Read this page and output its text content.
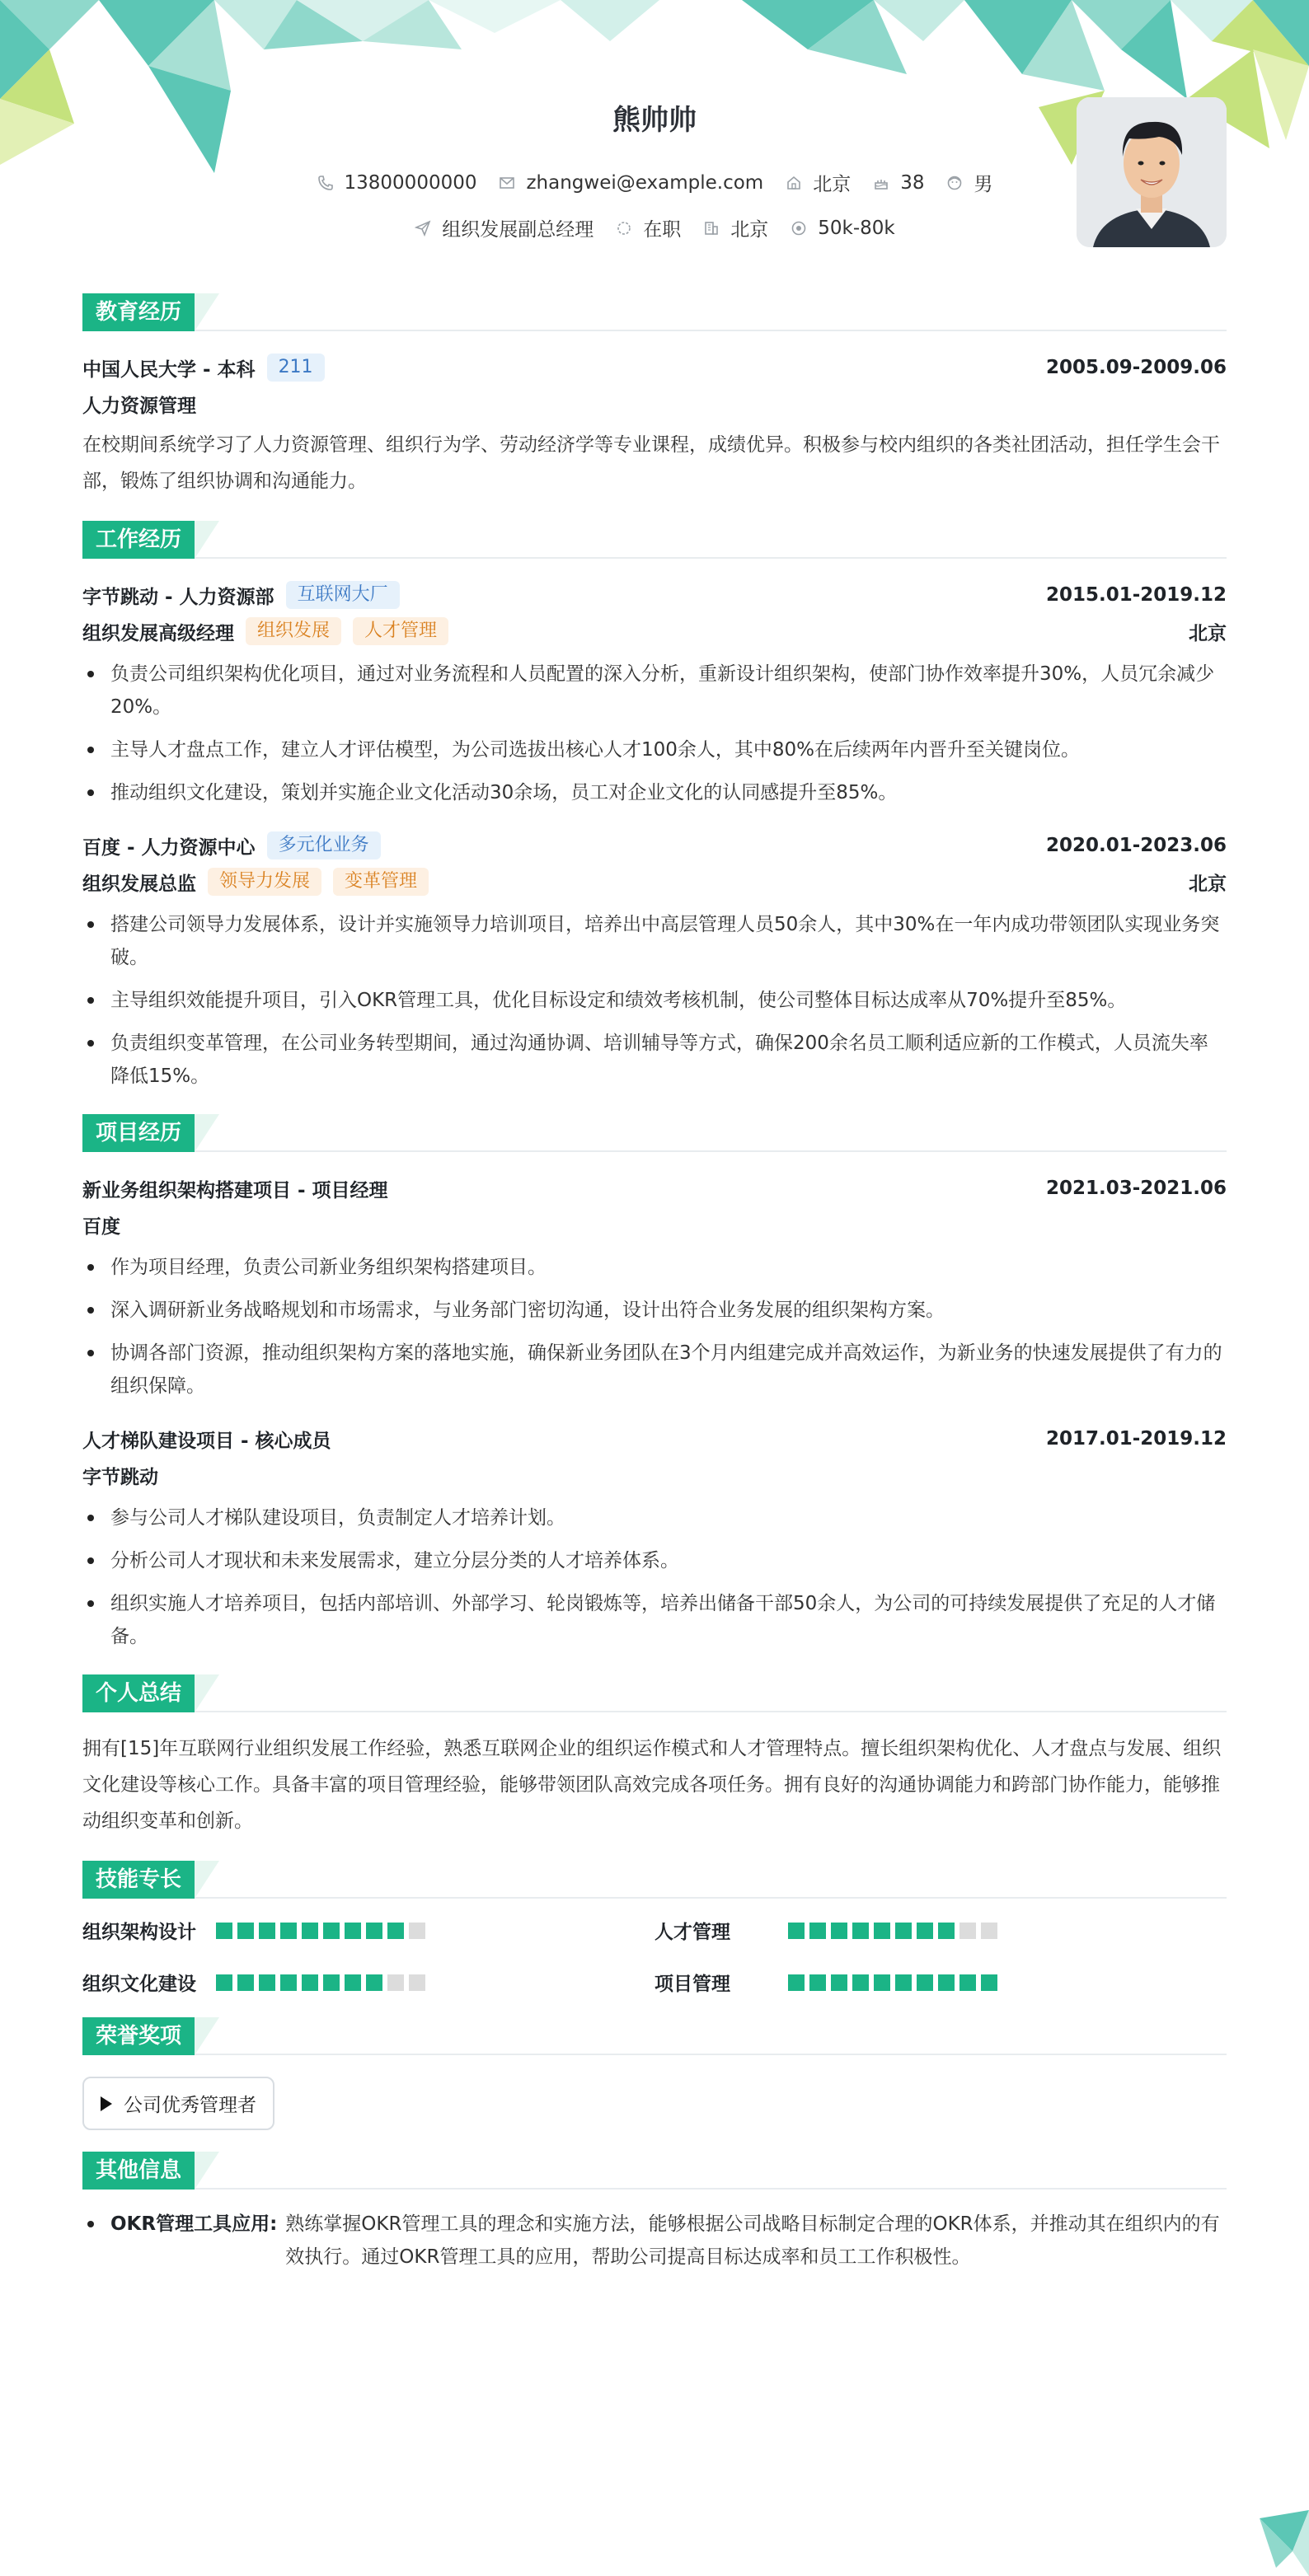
熊帅帅
13800000000	zhangwei@example.com	北京	38	男
组织发展副总经理	在职	北京	50k-80k
教育经历
中国人民大学 - 本科	211	2005.09-2009.06
人力资源管理
在校期间系统学习了人力资源管理、组织行为学、劳动经济学等专业课程，成绩优异。积极参与校内组织的各类社团活动，担任学生会干部，锻炼了组织协调和沟通能力。
工作经历
字节跳动 - 人力资源部	互联网大厂	2015.01-2019.12
组织发展高级经理	组织发展	人才管理	北京
负责公司组织架构优化项目，通过对业务流程和人员配置的深入分析，重新设计组织架构，使部门协作效率提升30%，人员冗余减少20%。
主导人才盘点工作，建立人才评估模型，为公司选拔出核心人才100余人，其中80%在后续两年内晋升至关键岗位。
推动组织文化建设，策划并实施企业文化活动30余场，员工对企业文化的认同感提升至85%。
百度 - 人力资源中心	多元化业务	2020.01-2023.06
组织发展总监	领导力发展	变革管理	北京
搭建公司领导力发展体系，设计并实施领导力培训项目，培养出中高层管理人员50余人，其中30%在一年内成功带领团队实现业务突破。
主导组织效能提升项目，引入OKR管理工具，优化目标设定和绩效考核机制，使公司整体目标达成率从70%提升至85%。
负责组织变革管理，在公司业务转型期间，通过沟通协调、培训辅导等方式，确保200余名员工顺利适应新的工作模式，人员流失率降低15%。
项目经历
新业务组织架构搭建项目 - 项目经理	2021.03-2021.06
百度
作为项目经理，负责公司新业务组织架构搭建项目。
深入调研新业务战略规划和市场需求，与业务部门密切沟通，设计出符合业务发展的组织架构方案。
协调各部门资源，推动组织架构方案的落地实施，确保新业务团队在3个月内组建完成并高效运作，为新业务的快速发展提供了有力的组织保障。
人才梯队建设项目 - 核心成员	2017.01-2019.12
字节跳动
参与公司人才梯队建设项目，负责制定人才培养计划。
分析公司人才现状和未来发展需求，建立分层分类的人才培养体系。
组织实施人才培养项目，包括内部培训、外部学习、轮岗锻炼等，培养出储备干部50余人，为公司的可持续发展提供了充足的人才储备。
个人总结
拥有[15]年互联网行业组织发展工作经验，熟悉互联网企业的组织运作模式和人才管理特点。擅长组织架构优化、人才盘点与发展、组织文化建设等核心工作。具备丰富的项目管理经验，能够带领团队高效完成各项任务。拥有良好的沟通协调能力和跨部门协作能力，能够推动组织变革和创新。
技能专长
组织架构设计	人才管理
组织文化建设	项目管理
荣誉奖项
公司优秀管理者
其他信息
OKR管理工具应用: 熟练掌握OKR管理工具的理念和实施方法，能够根据公司战略目标制定合理的OKR体系，并推动其在组织内的有效执行。通过OKR管理工具的应用，帮助公司提高目标达成率和员工工作积极性。
